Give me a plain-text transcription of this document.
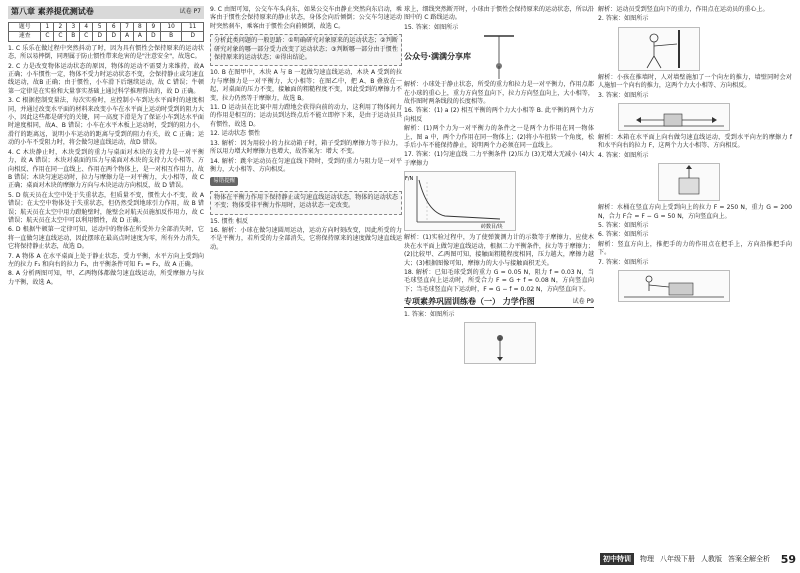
第八章 素养提优测试卷	试卷 P7
题号	1	2	3	4	5	6	7	8	9	10	11
速查	C	C	B	C	D	D	A	A	D	B	D

1. C 乐乐在做过程中突然抖动了时，因为具有惯性会保持原来的运动状态，所以易摔倒，同理属于防止惯性带来危害的是"注意安全"，故选C。

2. C 力是改变物体运动状态的原因，物体的运动不需要力来维持，故A 正确；小车惯性一定，物体不受力时运动状态不变，会保持静止或匀速直线运动，故B 正确；由于惯性，小车滑下后继续运动，故 C 错误；牛顿第一定律是在实验和大量事实基础上通过科学推理得出的，故 D 正确。

3. C 根据控制变量法，每次实验时，应控制小车到达水平面时的速度相同，并通过改变水平面的材料来改变小车在水平面上运动时受到的阻力大小，因此这些都是研究的关键，同一高度下滑是为了保证小车到达水平面时速度相同，故A、B 错误；小车在水平木板上运动时，受到的阻力小，滑行的距离远，说明小车运动的距离与受到的阻力有关，故 C 正确；运动的小车不受阻力时，将会做匀速直线运动，故D 错误。

4. C 木块静止时，木块受到的重力与桌面对木块的支持力是一对平衡力，故 A 错误；木块对桌面的压力与桌面对木块的支持力大小相等、方向相反、作用在同一直线上、作用在两个物体上，是一对相互作用力，故B 错误；木块匀速运动时，拉力与摩擦力是一对平衡力，大小相等，故 C 正确；桌面对木块的摩擦力方向与木块运动方向相反，故 D 错误。

5. D 航天员在太空中处于失重状态，但质量不变，惯性大小不变，故 A 错误；在太空中物体处于失重状态，但仍然受到地球引力作用，故 B 错误；航天员在太空中用力蹬舱壁时，舱壁会对航天员施加反作用力，故 C 错误；航天员在太空中可以利用惯性，故 D 正确。

6. D 根据牛顿第一定律可知，运动中的物体在所受外力全部消失时，它将一直做匀速直线运动，因此摆球在最高点时速度为零，所有外力消失，它将保持静止状态，故选 D。

7. A 物体 A 在水平桌面上处于静止状态，受力平衡，水平方向上受到向左的拉力 F₁ 和向右的拉力 F₂，由平衡条件可知 F₁ = F₂，故 A 正确。

8. A 分析两图可知，甲、乙两物体都做匀速直线运动，所受摩擦力与拉力平衡，故选 A。

9. C 由图可知，公交车车头向东，如果公交车由静止突然向东启动，乘客由于惯性会保持原来的静止状态，身体会向后倾倒；公交车匀速运动时突然刹车，乘客由于惯性会向前倾倒，故选 C。

分析此类问题的一般思路：①明确研究对象原来的运动状态；②判断研究对象的哪一部分受力改变了运动状态；③判断哪一部分由于惯性保持原来的运动状态；④得出结论。

10. B 在图甲中，木块 A 与 B 一起做匀速直线运动，木块 A 受到的拉力与摩擦力是一对平衡力，大小相等；在图乙中，把 A、B 叠放在一起，对桌面的压力不变，接触面的粗糙程度不变，因此受到的摩擦力不变，拉力仍然等于摩擦力，故选 B。

11. D 运动员在比赛中用力蹬地会获得向前的动力，这利用了物体间力的作用是相互的；运动员到达终点后不能立即停下来，是由于运动员具有惯性，故选 D。

12. 运动状态 惯性

13. 解析：因为用较小的力拉动箱子时，箱子受到的摩擦力等于拉力，所以用力增大时摩擦力也增大，故答案为：增大 不变。

14. 解析：跳伞运动员在匀速直线下降时，受到的重力与阻力是一对平衡力，大小相等、方向相反。

易错提醒

物体在平衡力作用下保持静止或匀速直线运动状态，物体的运动状态不变；物体受非平衡力作用时，运动状态一定改变。

15. 惯性 相反

16. 解析：小球在做匀速圆周运动，运动方向时刻改变，因此所受的力不是平衡力，若所受的力全部消失，它将保持原来的速度做匀速直线运动。

球上，细线突然断开时，小球由于惯性会保持原来的运动状态，所以沿图中的 C 路线运动。

15. 答案：如图所示

公众号·满满分享库

解析：小球处于静止状态，所受的重力和拉力是一对平衡力，作用点都在小球的重心上，重力方向竖直向下，拉力方向竖直向上，大小相等，故作图时两条线段的长度相等。

16. 答案：(1) a (2) 相互平衡的两个力大小相等 B. 此平衡的两个力方向相反

解析：(1)两个力为一对平衡力的条件之一是两个力作用在同一物体上，图 a 中，两个力作用在同一物体上；(2)将小车扭转一个角度，松手后小车不能保持静止，说明两个力必须在同一直线上。

17. 答案：(1)匀速直线 二力平衡条件 (2)压力 (3)无增大无减小 (4)大于摩擦力

F/N
砖数目/块

解析：(1)实验过程中，为了使弹簧测力计的示数等于摩擦力，应使木块在水平面上做匀速直线运动，根据二力平衡条件，拉力等于摩擦力；(2)比较甲、乙两图可知，接触面粗糙程度相同，压力越大，摩擦力越大；(3)根据图像可知，摩擦力的大小与接触面积无关。

18. 解析：已知毛球受到的重力 G = 0.05 N，阻力 f = 0.03 N，当毛球竖直向上运动时，所受合力 F = G + f = 0.08 N，方向竖直向下；当毛球竖直向下运动时，F = G − f = 0.02 N，方向竖直向下。

专项素养巩固训练卷（一） 力学作图	试卷 P9

1. 答案：如图所示

解析：运动员受到竖直向下的重力，作用点在运动员的重心上。

2. 答案：如图所示

解析：小孩在推墙时，人对墙壁施加了一个向左的推力，墙壁同时会对人施加一个向右的推力，这两个力大小相等、方向相反。

3. 答案：如图所示

解析：木箱在水平面上向右做匀速直线运动，受到水平向左的摩擦力 f 和水平向右的拉力 F，这两个力大小相等、方向相反。

4. 答案：如图所示

解析：水桶在竖直方向上受到向上的拉力 F = 250 N，重力 G = 200 N，合力 F合 = F − G = 50 N，方向竖直向上。

5. 答案：如图所示

6. 答案：如图所示

解析：竖直方向上，推把手的力的作用点在把手上，方向沿推把手向下。

7. 答案：如图所示

初中特训	物理 八年级下册 人教版 答案全解全析 59
